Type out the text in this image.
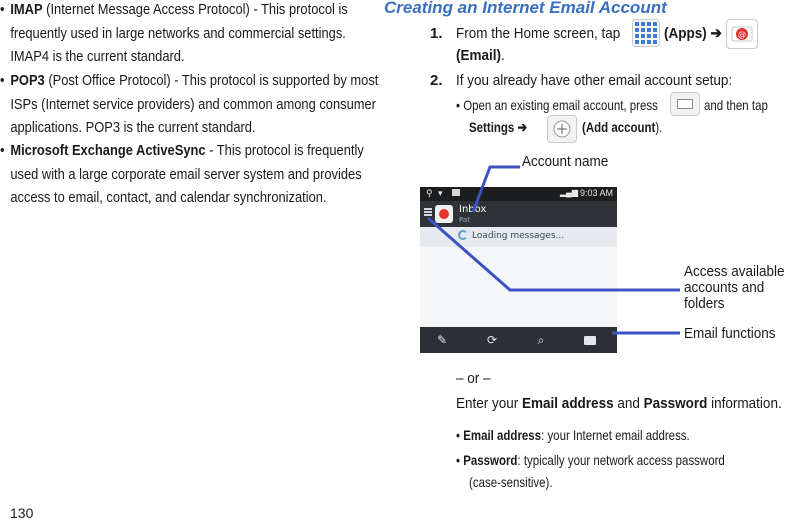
• IMAP (Internet Message Access Protocol) - This protocol is
frequently used in large networks and commercial settings.
IMAP4 is the current standard.
• POP3 (Post Office Protocol) - This protocol is supported by most
ISPs (Internet service providers) and common among consumer
applications. POP3 is the current standard.
• Microsoft Exchange ActiveSync - This protocol is frequently
used with a large corporate email server system and provides
access to email, contact, and calendar synchronization.
130
Creating an Internet Email Account
1. From the Home screen, tap	(Apps) ➔ @
(Email).
2. If you already have other email account setup:
• Open an existing email account, press	and then tap
Settings ➔	(Add account).
⚲ ▾	▂▄▆ 9:03 AM
Inbox
Pat
Loading messages...
✎	⟳	⌕
Account name
Access available
accounts and
folders
Email functions
– or –
Enter your Email address and Password information.
• Email address: your Internet email address.
• Password: typically your network access password
(case-sensitive).
